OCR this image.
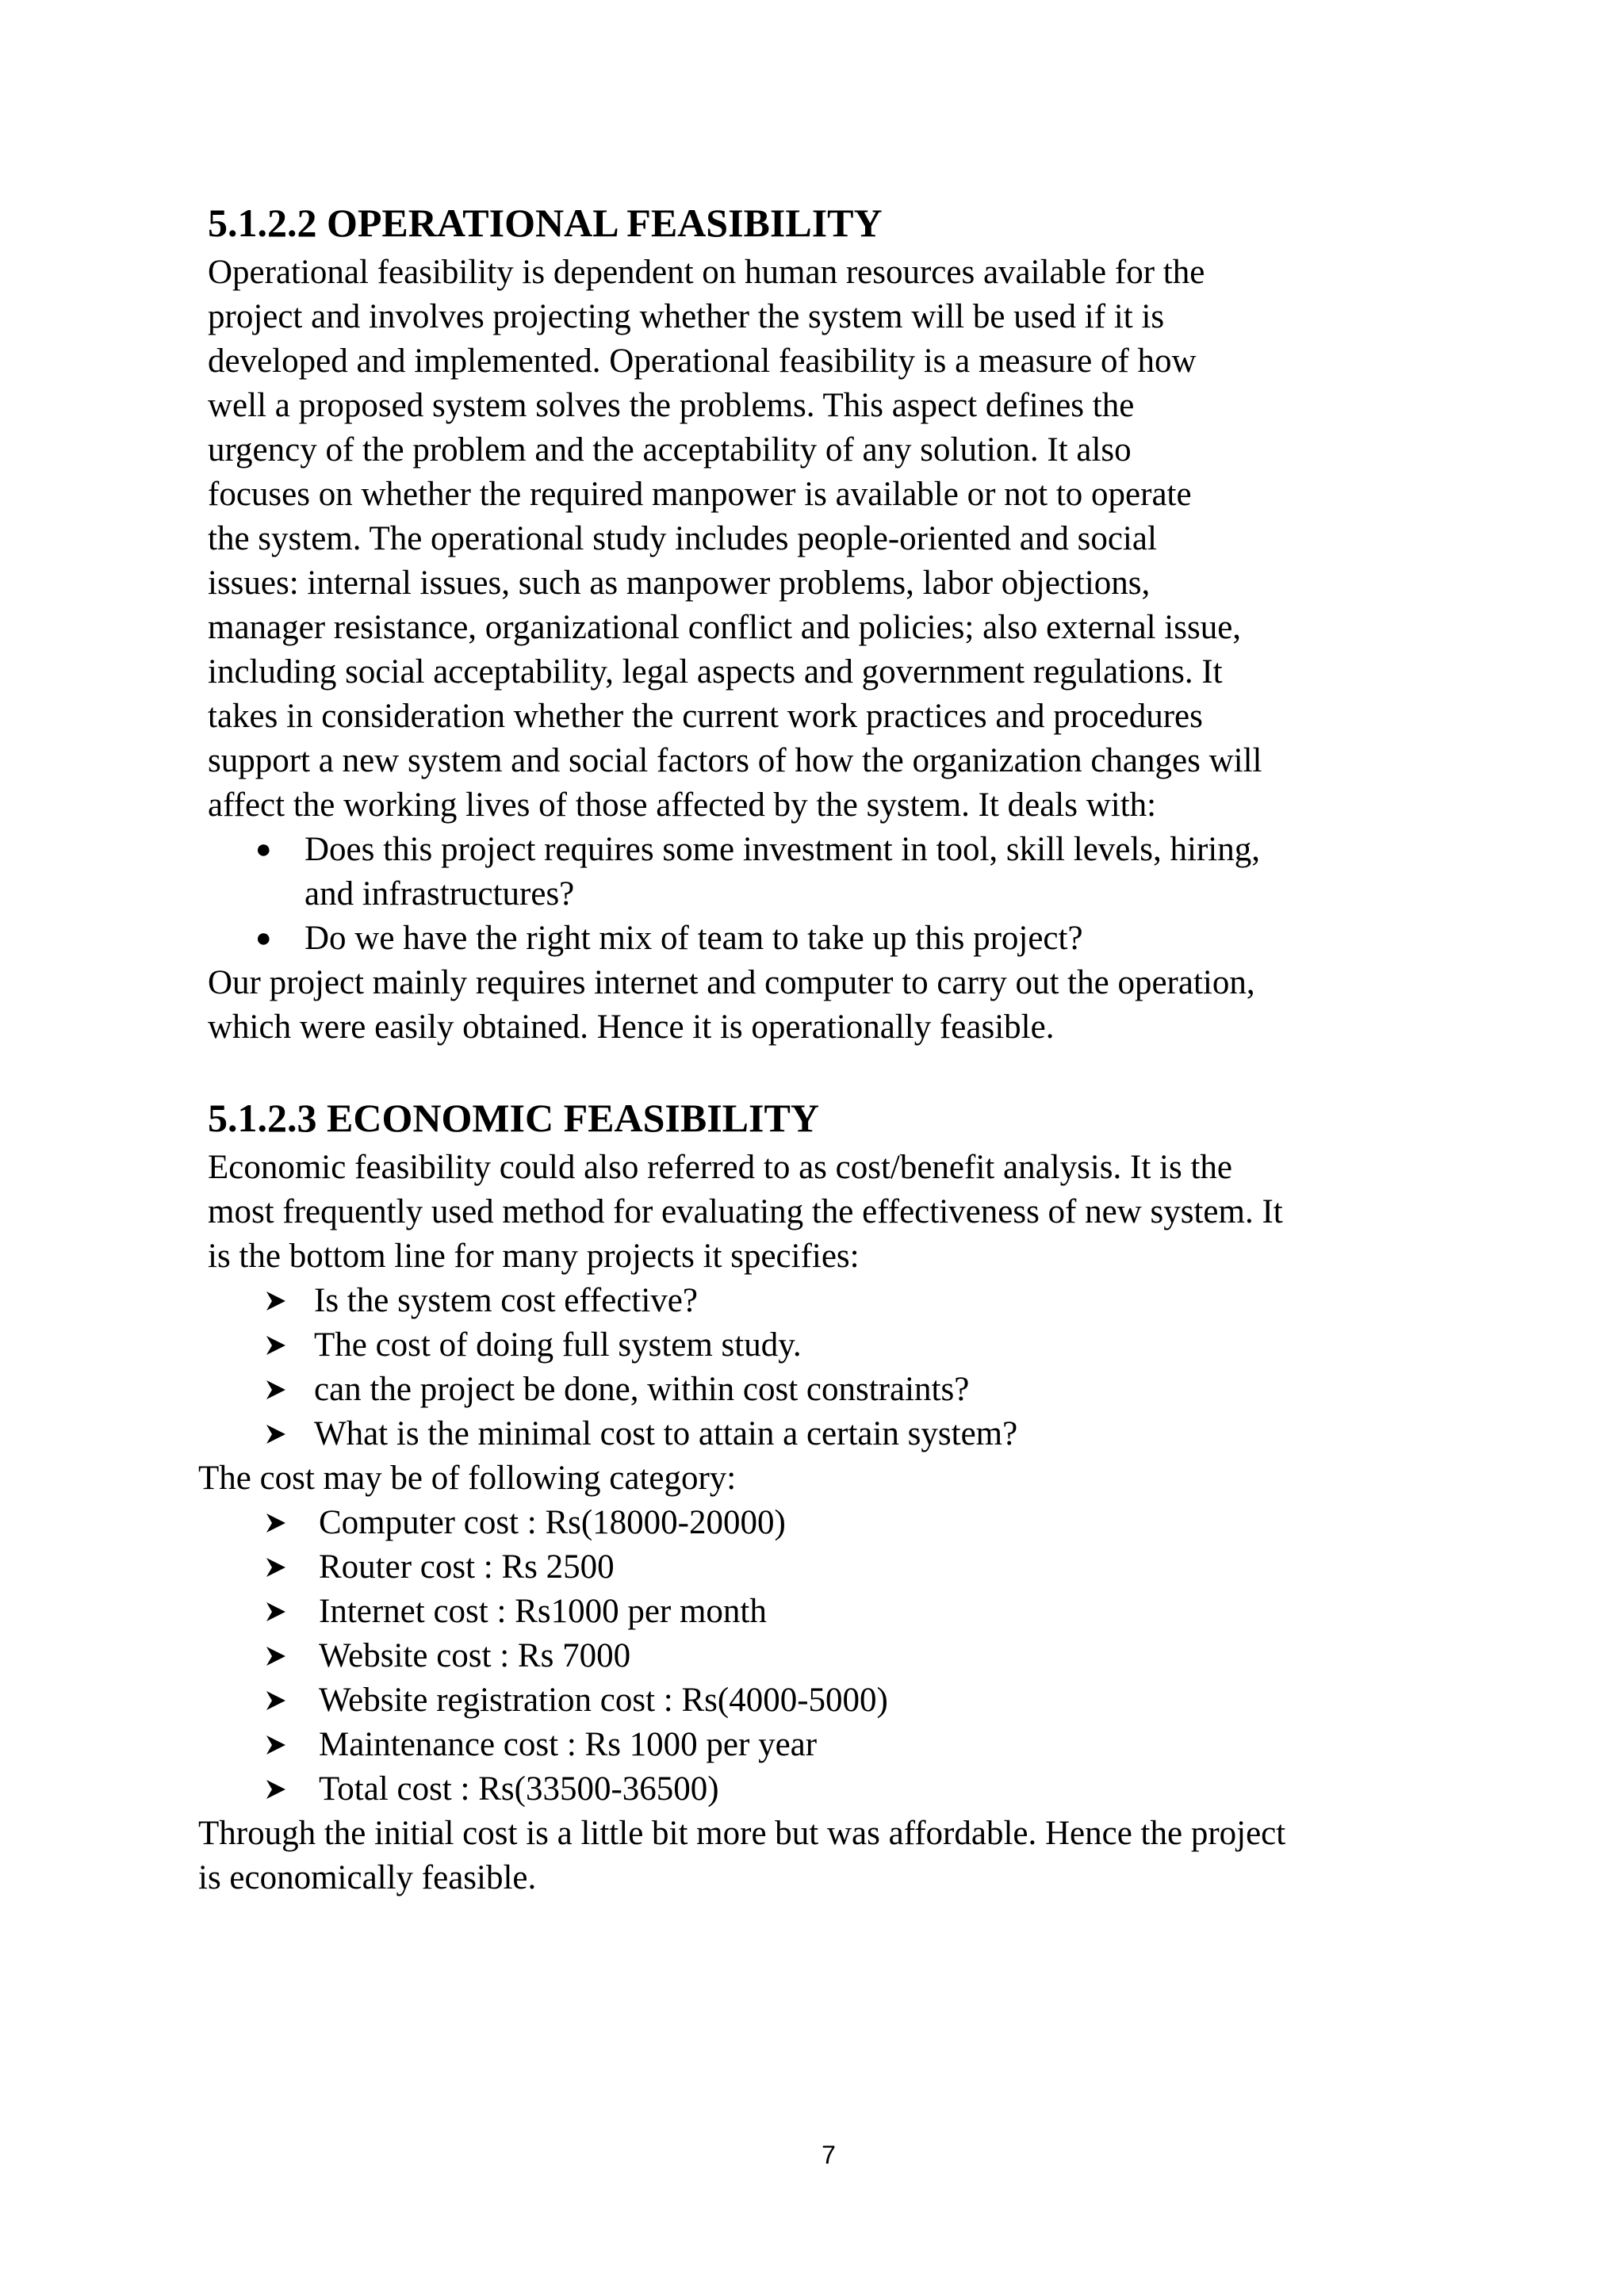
5.1.2.2 OPERATIONAL FEASIBILITY

Operational feasibility is dependent on human resources available for the

project and involves projecting whether the system will be used if it is

developed and implemented. Operational feasibility is a measure of how

well a proposed system solves the problems. This aspect defines the

urgency of the problem and the acceptability of any solution. It also

focuses on whether the required manpower is available or not to operate

the system. The operational study includes people-oriented and social

issues: internal issues, such as manpower problems, labor objections,

manager resistance, organizational conflict and policies; also external issue,

including social acceptability, legal aspects and government regulations. It

takes in consideration whether the current work practices and procedures

support a new system and social factors of how the organization changes will

affect the working lives of those affected by the system. It deals with:

● Does this project requires some investment in tool, skill levels, hiring,

and infrastructures?

● Do we have the right mix of team to take up this project?

Our project mainly requires internet and computer to carry out the operation,

which were easily obtained. Hence it is operationally feasible.

5.1.2.3 ECONOMIC FEASIBILITY

Economic feasibility could also referred to as cost/benefit analysis. It is the

most frequently used method for evaluating the effectiveness of new system. It

is the bottom line for many projects it specifies:

Is the system cost effective?

The cost of doing full system study.

can the project be done, within cost constraints?

What is the minimal cost to attain a certain system?

The cost may be of following category:

Computer cost : Rs(18000-20000)

Router cost : Rs 2500

Internet cost : Rs1000 per month

Website cost : Rs 7000

Website registration cost : Rs(4000-5000)

Maintenance cost : Rs 1000 per year

Total cost : Rs(33500-36500)

Through the initial cost is a little bit more but was affordable. Hence the project

is economically feasible.

7
